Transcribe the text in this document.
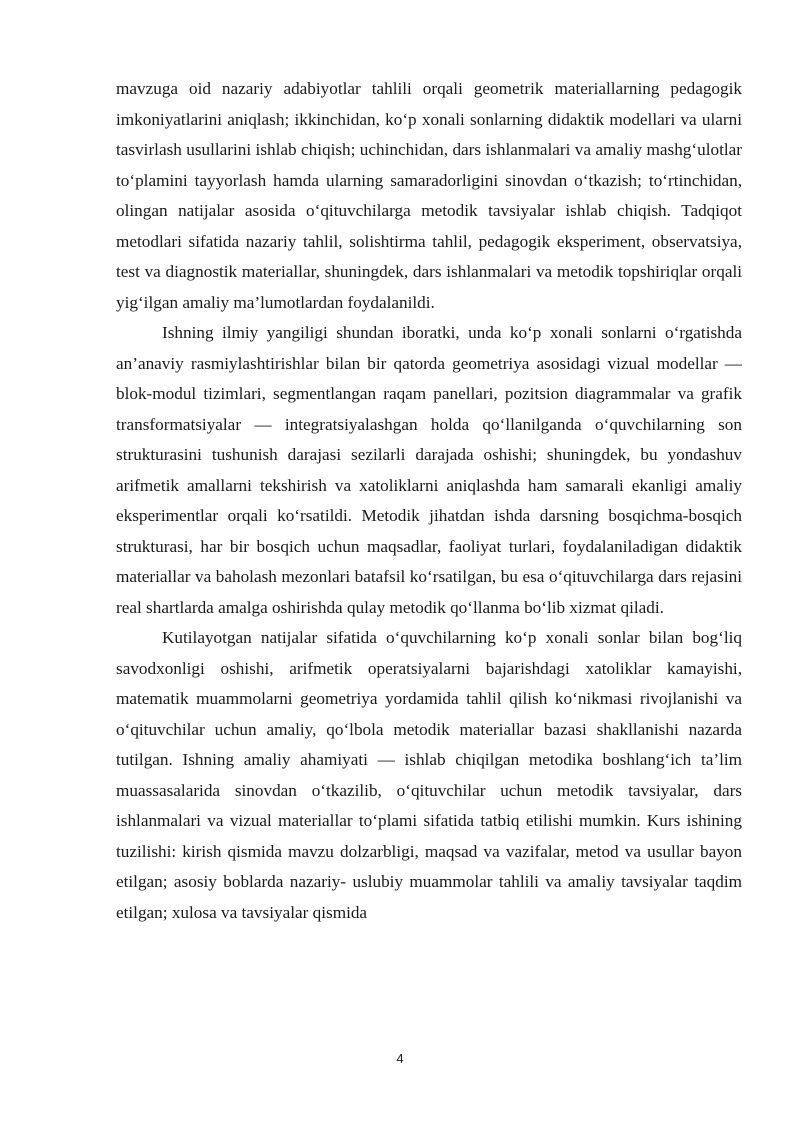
mavzuga oid nazariy adabiyotlar tahlili orqali geometrik materiallarning pedagogik imkoniyatlarini aniqlash; ikkinchidan, ko‘p xonali sonlarning didaktik modellari va ularni tasvirlash usullarini ishlab chiqish; uchinchidan, dars ishlanmalari va amaliy mashg‘ulotlar to‘plamini tayyorlash hamda ularning samaradorligini sinovdan o‘tkazish; to‘rtinchidan, olingan natijalar asosida o‘qituvchilarga metodik tavsiyalar ishlab chiqish. Tadqiqot metodlari sifatida nazariy tahlil, solishtirma tahlil, pedagogik eksperiment, observatsiya, test va diagnostik materiallar, shuningdek, dars ishlanmalari va metodik topshiriqlar orqali yig‘ilgan amaliy ma’lumotlardan foydalanildi.

Ishning ilmiy yangiligi shundan iboratki, unda ko‘p xonali sonlarni o‘rgatishda an’anaviy rasmiylashtirishlar bilan bir qatorda geometriya asosidagi vizual modellar — blok-modul tizimlari, segmentlangan raqam panellari, pozitsion diagrammalar va grafik transformatsiyalar — integratsiyalashgan holda qo‘llanilganda o‘quvchilarning son strukturasini tushunish darajasi sezilarli darajada oshishi; shuningdek, bu yondashuv arifmetik amallarni tekshirish va xatoliklarni aniqlashda ham samarali ekanligi amaliy eksperimentlar orqali ko‘rsatildi. Metodik jihatdan ishda darsning bosqichma-bosqich strukturasi, har bir bosqich uchun maqsadlar, faoliyat turlari, foydalaniladigan didaktik materiallar va baholash mezonlari batafsil ko‘rsatilgan, bu esa o‘qituvchilarga dars rejasini real shartlarda amalga oshirishda qulay metodik qo‘llanma bo‘lib xizmat qiladi.

Kutilayotgan natijalar sifatida o‘quvchilarning ko‘p xonali sonlar bilan bog‘liq savodxonligi oshishi, arifmetik operatsiyalarni bajarishdagi xatoliklar kamayishi, matematik muammolarni geometriya yordamida tahlil qilish ko‘nikmasi rivojlanishi va o‘qituvchilar uchun amaliy, qo‘lbola metodik materiallar bazasi shakllanishi nazarda tutilgan. Ishning amaliy ahamiyati — ishlab chiqilgan metodika boshlang‘ich ta’lim muassasalarida sinovdan o‘tkazilib, o‘qituvchilar uchun metodik tavsiyalar, dars ishlanmalari va vizual materiallar to‘plami sifatida tatbiq etilishi mumkin. Kurs ishining tuzilishi: kirish qismida mavzu dolzarbligi, maqsad va vazifalar, metod va usullar bayon etilgan; asosiy boblarda nazariy- uslubiy muammolar tahlili va amaliy tavsiyalar taqdim etilgan; xulosa va tavsiyalar qismida

4
